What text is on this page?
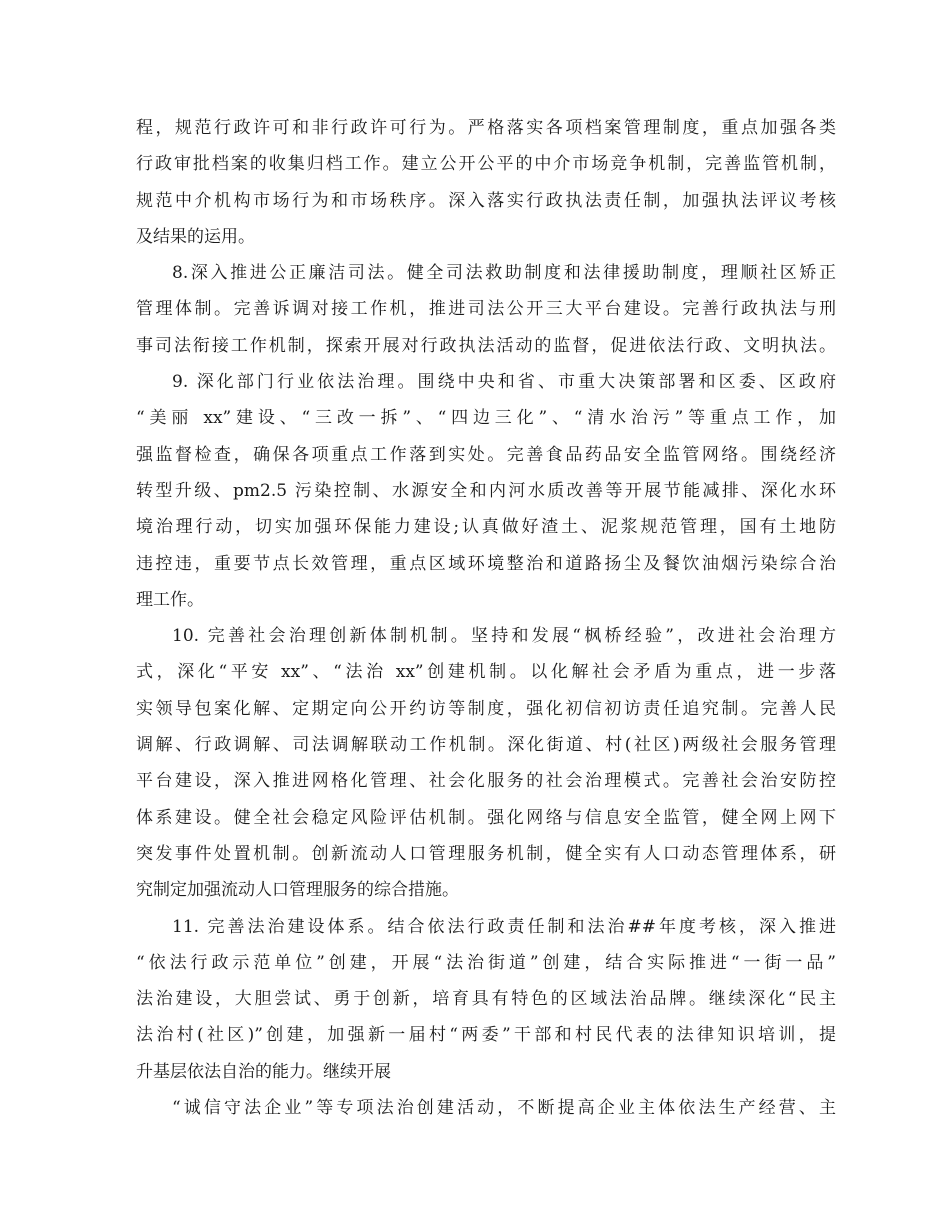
程，规范行政许可和非行政许可行为。严格落实各项档案管理制度，重点加强各类
行政审批档案的收集归档工作。建立公开公平的中介市场竞争机制，完善监管机制，
规范中介机构市场行为和市场秩序。深入落实行政执法责任制，加强执法评议考核
及结果的运用。
8.深入推进公正廉洁司法。健全司法救助制度和法律援助制度，理顺社区矫正
管理体制。完善诉调对接工作机，推进司法公开三大平台建设。完善行政执法与刑
事司法衔接工作机制，探索开展对行政执法活动的监督，促进依法行政、文明执法。
9. 深化部门行业依法治理。围绕中央和省、市重大决策部署和区委、区政府
“美丽 xx”建设、“三改一拆”、“四边三化”、“清水治污”等重点工作，加
强监督检查，确保各项重点工作落到实处。完善食品药品安全监管网络。围绕经济
转型升级、pm2.5 污染控制、水源安全和内河水质改善等开展节能减排、深化水环
境治理行动，切实加强环保能力建设;认真做好渣土、泥浆规范管理，国有土地防
违控违，重要节点长效管理，重点区域环境整治和道路扬尘及餐饮油烟污染综合治
理工作。
10. 完善社会治理创新体制机制。坚持和发展“枫桥经验”，改进社会治理方
式，深化“平安 xx”、“法治 xx”创建机制。以化解社会矛盾为重点，进一步落
实领导包案化解、定期定向公开约访等制度，强化初信初访责任追究制。完善人民
调解、行政调解、司法调解联动工作机制。深化街道、村(社区)两级社会服务管理
平台建设，深入推进网格化管理、社会化服务的社会治理模式。完善社会治安防控
体系建设。健全社会稳定风险评估机制。强化网络与信息安全监管，健全网上网下
突发事件处置机制。创新流动人口管理服务机制，健全实有人口动态管理体系，研
究制定加强流动人口管理服务的综合措施。
11. 完善法治建设体系。结合依法行政责任制和法治##年度考核，深入推进
“依法行政示范单位”创建，开展“法治街道”创建，结合实际推进“一街一品”
法治建设，大胆尝试、勇于创新，培育具有特色的区域法治品牌。继续深化“民主
法治村(社区)”创建，加强新一届村“两委”干部和村民代表的法律知识培训，提
升基层依法自治的能力。继续开展
“诚信守法企业”等专项法治创建活动，不断提高企业主体依法生产经营、主
